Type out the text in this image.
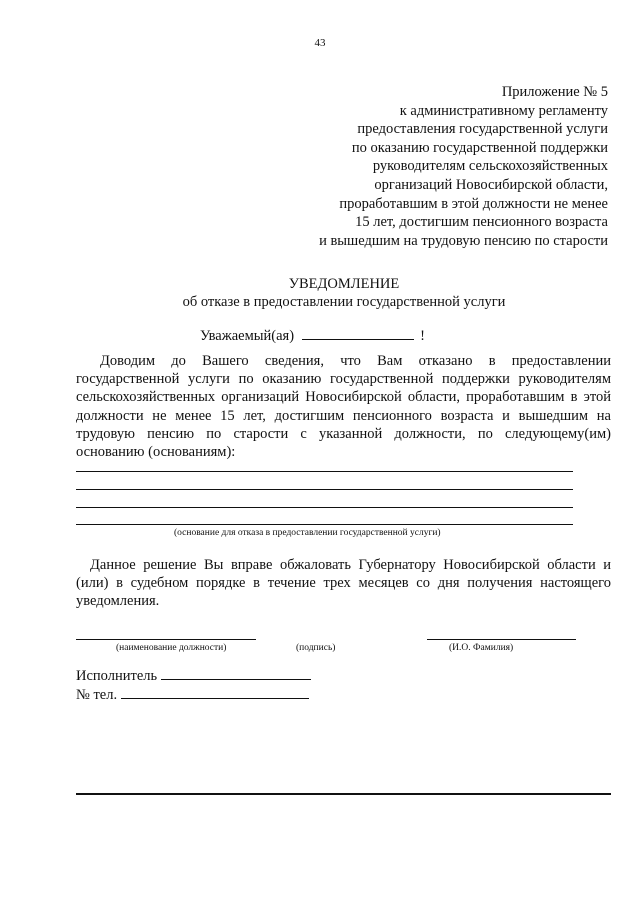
43
Приложение № 5
к административному регламенту
предоставления государственной услуги
по оказанию государственной поддержки
руководителям сельскохозяйственных
организаций Новосибирской области,
проработавшим в этой должности не менее
15 лет, достигшим пенсионного возраста
и вышедшим на трудовую пенсию по старости
УВЕДОМЛЕНИЕ
об отказе в предоставлении государственной услуги
Уважаемый(ая)	!
Доводим до Вашего сведения, что Вам отказано в предоставлении государственной услуги по оказанию государственной поддержки руководителям сельскохозяйственных организаций Новосибирской области, проработавшим в этой должности не менее 15 лет, достигшим пенсионного возраста и вышедшим на трудовую пенсию по старости с указанной должности, по следующему(им) основанию (основаниям):
(основание для отказа в предоставлении государственной услуги)
Данное решение Вы вправе обжаловать Губернатору Новосибирской области и (или) в судебном порядке в течение трех месяцев со дня получения настоящего уведомления.
(наименование должности)	(подпись)	(И.О. Фамилия)
Исполнитель
№ тел.
